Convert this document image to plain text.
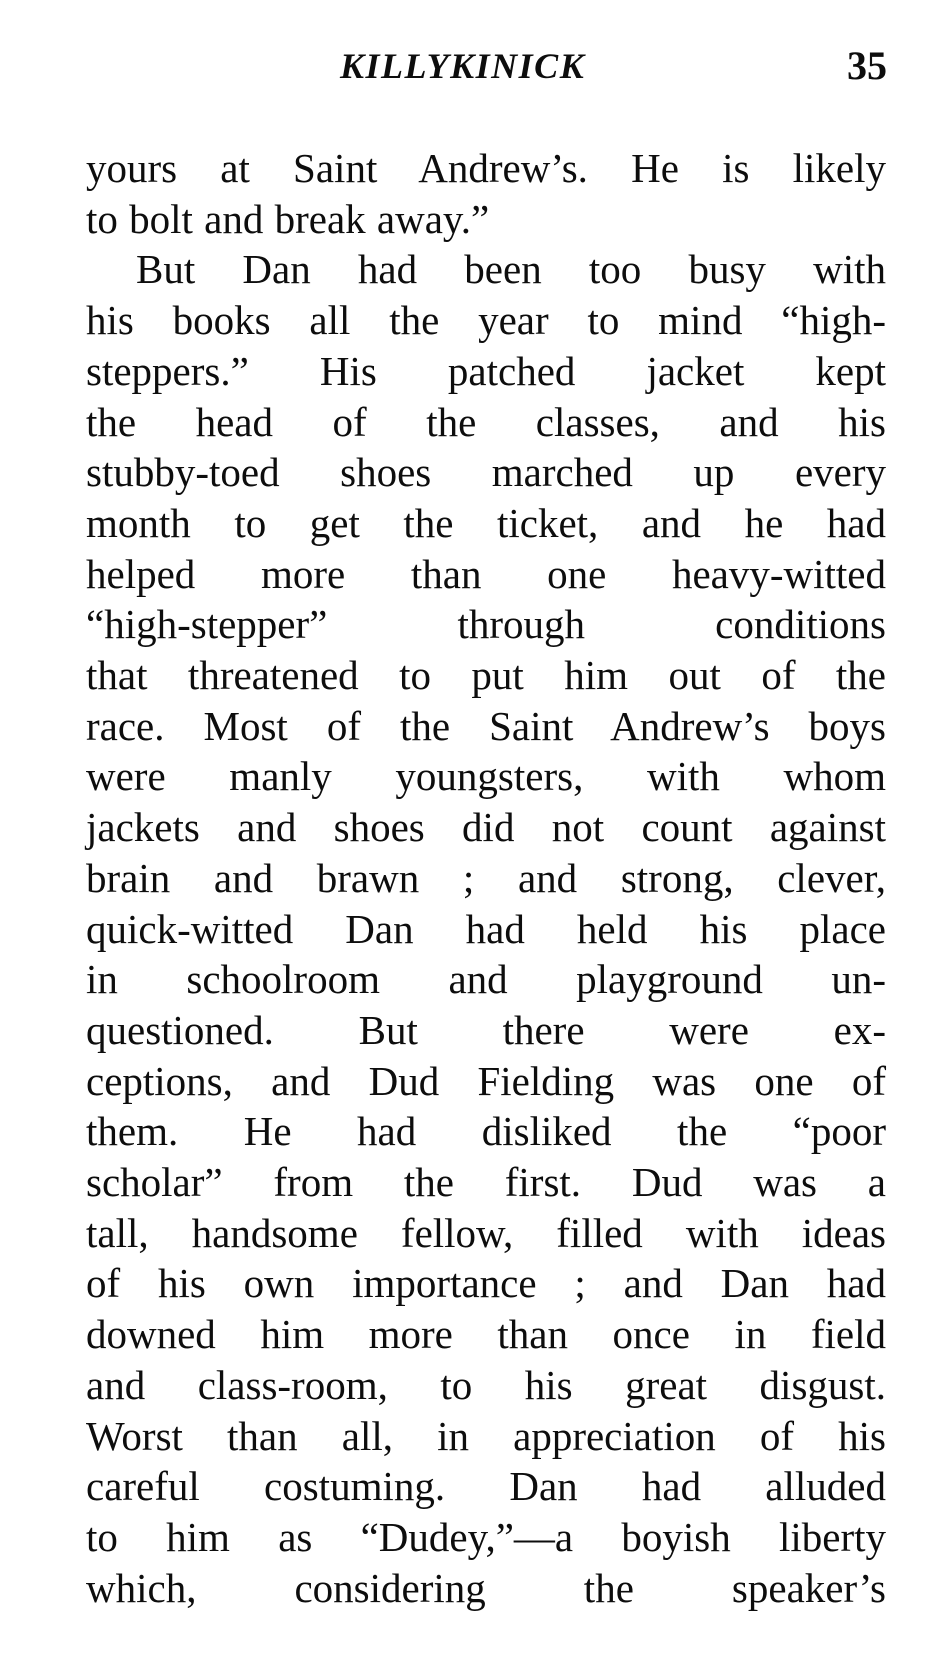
KILLYKINICK	35

yours at Saint Andrew’s. He is likely

to bolt and break away.”

But Dan had been too busy with

his books all the year to mind “high-

steppers.” His patched jacket kept

the head of the classes, and his

stubby-toed shoes marched up every

month to get the ticket, and he had

helped more than one heavy-witted

“high-stepper” through conditions

that threatened to put him out of the

race. Most of the Saint Andrew’s boys

were manly youngsters, with whom

jackets and shoes did not count against

brain and brawn ; and strong, clever,

quick-witted Dan had held his place

in schoolroom and playground un-

questioned. But there were ex-

ceptions, and Dud Fielding was one of

them. He had disliked the “poor

scholar” from the first. Dud was a

tall, handsome fellow, filled with ideas

of his own importance ; and Dan had

downed him more than once in field

and class-room, to his great disgust.

Worst than all, in appreciation of his

careful costuming. Dan had alluded

to him as “Dudey,”—a boyish liberty

which, considering the speaker’s
